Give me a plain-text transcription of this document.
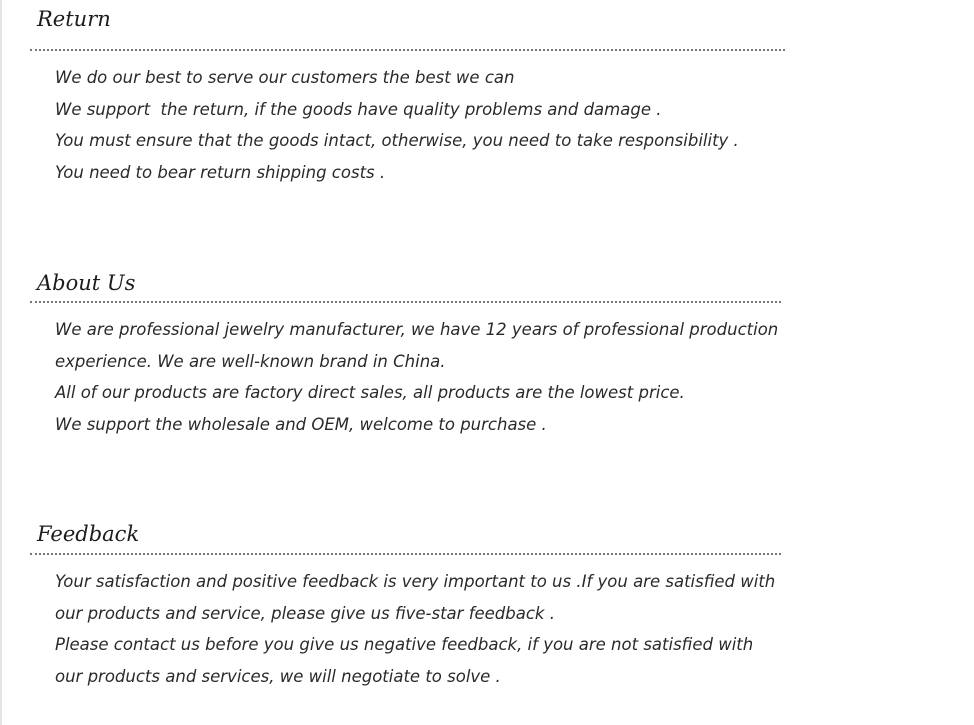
Return
We do our best to serve our customers the best we can
We support  the return, if the goods have quality problems and damage .
You must ensure that the goods intact, otherwise, you need to take responsibility .
You need to bear return shipping costs .
About Us
We are professional jewelry manufacturer, we have 12 years of professional production
experience. We are well-known brand in China.
All of our products are factory direct sales, all products are the lowest price.
We support the wholesale and OEM, welcome to purchase .
Feedback
Your satisfaction and positive feedback is very important to us .If you are satisfied with
our products and service, please give us five-star feedback .
Please contact us before you give us negative feedback, if you are not satisfied with
our products and services, we will negotiate to solve .
